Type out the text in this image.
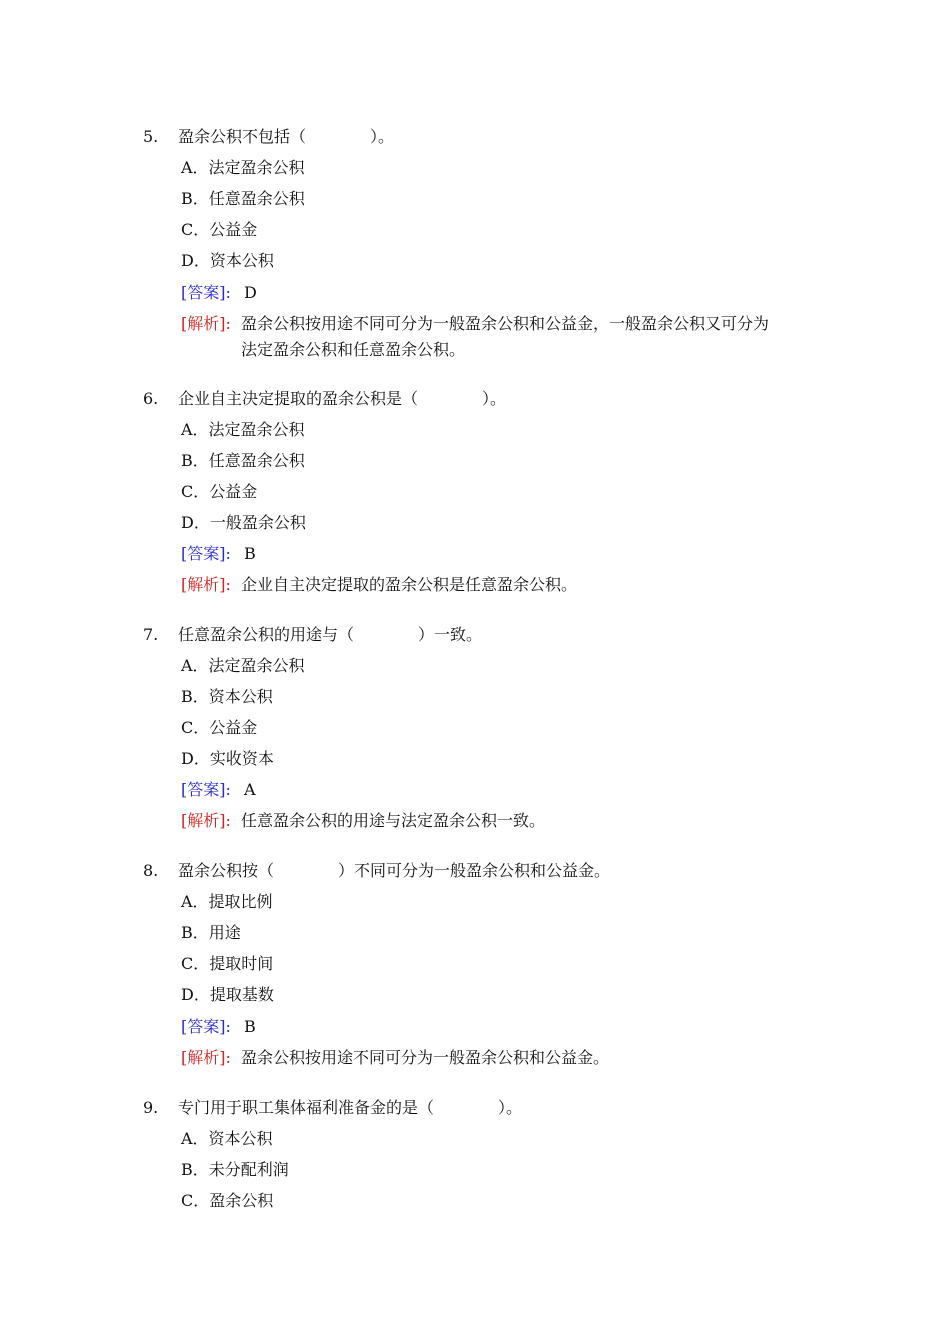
5. 盈余公积不包括（　　　　）。
A．法定盈余公积
B．任意盈余公积
C．公益金
D．资本公积
[答案]: D
[解析]: 盈余公积按用途不同可分为一般盈余公积和公益金，一般盈余公积又可分为
法定盈余公积和任意盈余公积。
6. 企业自主决定提取的盈余公积是（　　　　）。
A．法定盈余公积
B．任意盈余公积
C．公益金
D．一般盈余公积
[答案]: B
[解析]: 企业自主决定提取的盈余公积是任意盈余公积。
7. 任意盈余公积的用途与（　　　　）一致。
A．法定盈余公积
B．资本公积
C．公益金
D．实收资本
[答案]: A
[解析]: 任意盈余公积的用途与法定盈余公积一致。
8. 盈余公积按（　　　　）不同可分为一般盈余公积和公益金。
A．提取比例
B．用途
C．提取时间
D．提取基数
[答案]: B
[解析]: 盈余公积按用途不同可分为一般盈余公积和公益金。
9. 专门用于职工集体福利准备金的是（　　　　）。
A．资本公积
B．未分配利润
C．盈余公积
